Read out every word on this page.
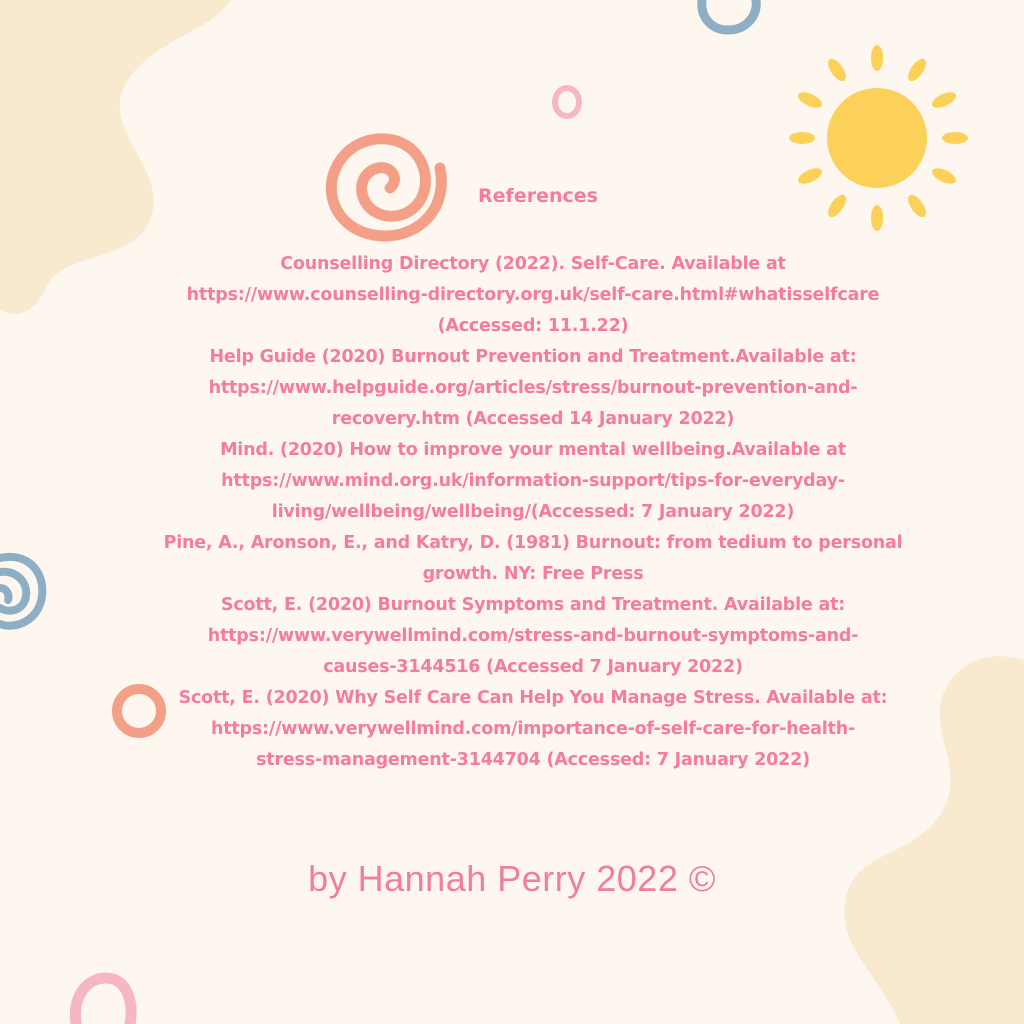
References

Counselling Directory (2022). Self-Care. Available at

https://www.counselling-directory.org.uk/self-care.html#whatisselfcare

(Accessed: 11.1.22)

Help Guide (2020) Burnout Prevention and Treatment.Available at:

https://www.helpguide.org/articles/stress/burnout-prevention-and-

recovery.htm (Accessed 14 January 2022)

Mind. (2020) How to improve your mental wellbeing.Available at

https://www.mind.org.uk/information-support/tips-for-everyday-

living/wellbeing/wellbeing/(Accessed: 7 January 2022)

Pine, A., Aronson, E., and Katry, D. (1981) Burnout: from tedium to personal

growth. NY: Free Press

Scott, E. (2020) Burnout Symptoms and Treatment. Available at:

https://www.verywellmind.com/stress-and-burnout-symptoms-and-

causes-3144516 (Accessed 7 January 2022)

Scott, E. (2020) Why Self Care Can Help You Manage Stress. Available at:

https://www.verywellmind.com/importance-of-self-care-for-health-

stress-management-3144704 (Accessed: 7 January 2022)

by Hannah Perry 2022 ©
